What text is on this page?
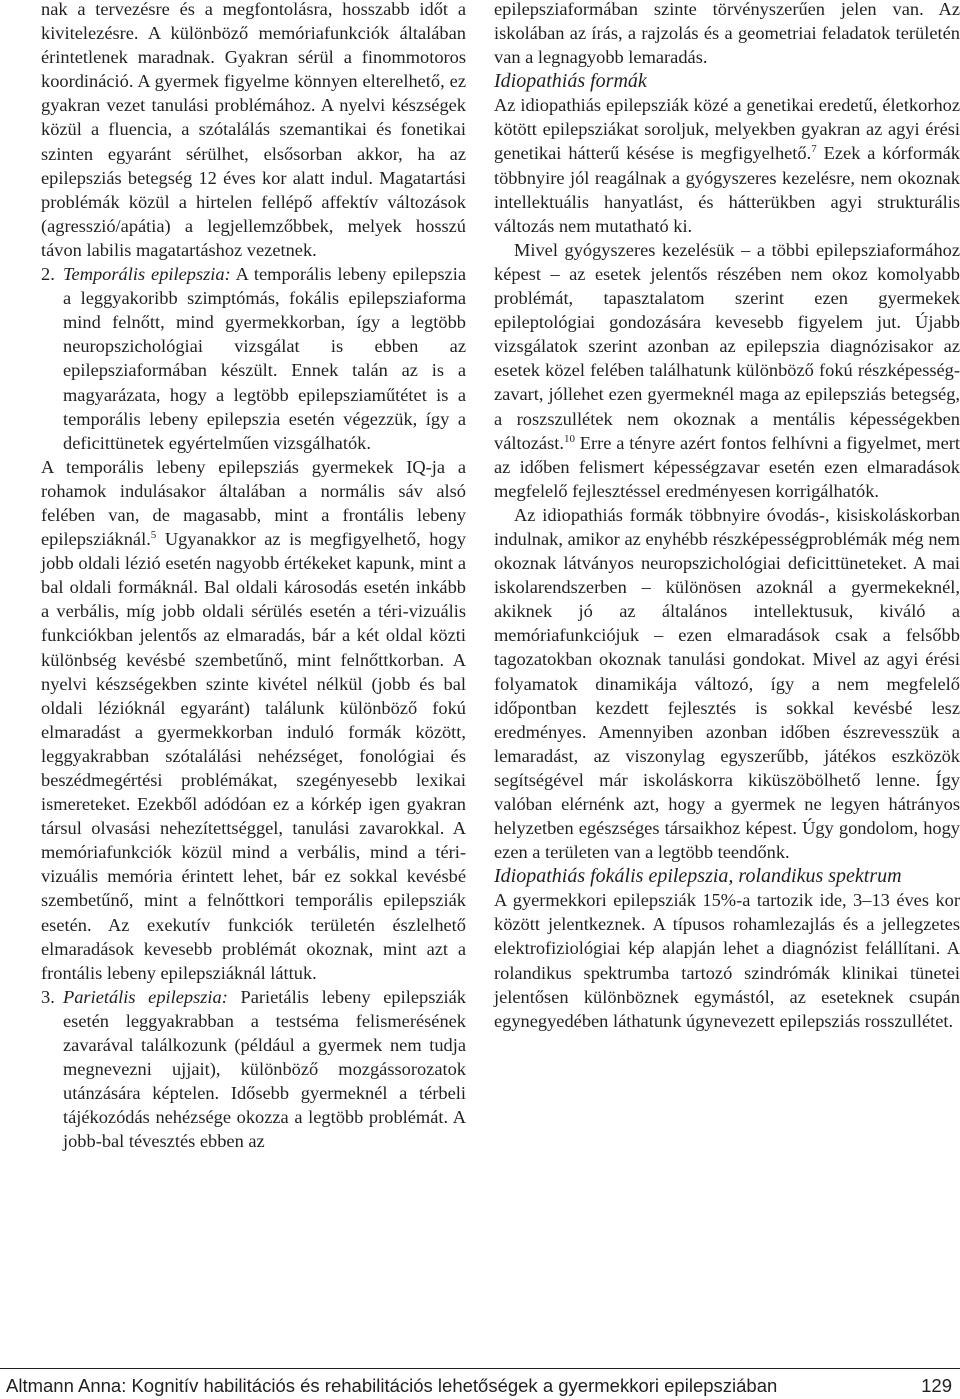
nak a tervezésre és a megfontolásra, hosszabb időt a kivitelezésre. A különböző memóriafunkciók általában érintetlenek maradnak. Gyakran sérül a finommotoros koordináció. A gyermek figyelme könnyen elterelhető, ez gyakran vezet tanulási problémához. A nyelvi készségek közül a fluencia, a szótalálás szemantikai és fonetikai szinten egyaránt sérülhet, elsősorban akkor, ha az epilepsziás betegség 12 éves kor alatt indul. Magatartási problémák közül a hirtelen fellépő affektív változások (agresszió/apátia) a legjellemzőbbek, melyek hosszú távon labilis magatartáshoz vezetnek.

2. Temporális epilepszia: A temporális lebeny epilepszia a leggyakoribb szimptómás, fokális epilepsziaforma mind felnőtt, mind gyermekkorban, így a legtöbb neuropszichológiai vizsgálat is ebben az epilepsziaformában készült. Ennek talán az is a magyarázata, hogy a legtöbb epilepsziaműtétet is a temporális lebeny epilepszia esetén végezzük, így a deficittünetek egyértelműen vizsgálhatók.

A temporális lebeny epilepsziás gyermekek IQ-ja a rohamok indulásakor általában a normális sáv alsó felében van, de magasabb, mint a frontális lebeny epilepsziáknál.$^5$ Ugyanakkor az is megfigyelhető, hogy jobb oldali lézió esetén nagyobb értékeket kapunk, mint a bal oldali formáknál. Bal oldali károsodás esetén inkább a verbális, míg jobb oldali sérülés esetén a téri-vizuális funkciókban jelentős az elmaradás, bár a két oldal közti különbség kevésbé szembetűnő, mint felnőttkorban. A nyelvi készségekben szinte kivétel nélkül (jobb és bal oldali lézióknál egyaránt) találunk különböző fokú elmaradást a gyermekkorban induló formák között, leggyakrabban szótalálási nehézséget, fonológiai és beszédmegértési problémákat, szegényesebb lexikai ismereteket. Ezekből adódóan ez a kórkép igen gyakran társul olvasási nehezítettséggel, tanulási zavarokkal. A memóriafunkciók közül mind a verbális, mind a téri-vizuális memória érintett lehet, bár ez sokkal kevésbé szembetűnő, mint a felnőttkori temporális epilepsziák esetén. Az exekutív funkciók területén észlelhető elmaradások kevesebb problémát okoznak, mint azt a frontális lebeny epilepsziáknál láttuk.

3. Parietális epilepszia: Parietális lebeny epilepsziák esetén leggyakrabban a testséma felismerésének zavarával találkozunk (például a gyermek nem tudja megnevezni ujjait), különböző mozgássorozatok utánzására képtelen. Idősebb gyermeknél a térbeli tájékozódás nehézsége okozza a legtöbb problémát. A jobb-bal tévesztés ebben az

epilepsziaformában szinte törvényszerűen jelen van. Az iskolában az írás, a rajzolás és a geometriai feladatok területén van a legnagyobb lemaradás.

Idiopathiás formák

Az idiopathiás epilepsziák közé a genetikai eredetű, életkorhoz kötött epilepsziákat soroljuk, melyekben gyakran az agyi érési genetikai hátterű késése is megfigyelhető.$^7$ Ezek a kórformák többnyire jól reagálnak a gyógyszeres kezelésre, nem okoznak intellektuális hanyatlást, és hátterükben agyi strukturális változás nem mutatható ki.

Mivel gyógyszeres kezelésük – a többi epilepsziaformához képest – az esetek jelentős részében nem okoz komolyabb problémát, tapasztalatom szerint ezen gyermekek epileptológiai gondozására kevesebb figyelem jut. Újabb vizsgálatok szerint azonban az epilepszia diagnózisakor az esetek közel felében találhatunk különböző fokú részképesség-zavart, jóllehet ezen gyermeknél maga az epilepsziás betegség, a roszszullétek nem okoznak a mentális képességekben változást.$^{10}$ Erre a tényre azért fontos felhívni a figyelmet, mert az időben felismert képességzavar esetén ezen elmaradások megfelelő fejlesztéssel eredményesen korrigálhatók.

Az idiopathiás formák többnyire óvodás-, kisiskoláskorban indulnak, amikor az enyhébb részképességproblémák még nem okoznak látványos neuropszichológiai deficittüneteket. A mai iskolarendszerben – különösen azoknál a gyermekeknél, akiknek jó az általános intellektusuk, kiváló a memóriafunkciójuk – ezen elmaradások csak a felsőbb tagozatokban okoznak tanulási gondokat. Mivel az agyi érési folyamatok dinamikája változó, így a nem megfelelő időpontban kezdett fejlesztés is sokkal kevésbé lesz eredményes. Amennyiben azonban időben észrevesszük a lemaradást, az viszonylag egyszerűbb, játékos eszközök segítségével már iskoláskorra kiküszöbölhető lenne. Így valóban elérnénk azt, hogy a gyermek ne legyen hátrányos helyzetben egészséges társaikhoz képest. Úgy gondolom, hogy ezen a területen van a legtöbb teendőnk.

Idiopathiás fokális epilepszia, rolandikus spektrum

A gyermekkori epilepsziák 15%-a tartozik ide, 3–13 éves kor között jelentkeznek. A típusos rohamlezajlás és a jellegzetes elektrofiziológiai kép alapján lehet a diagnózist felállítani. A rolandikus spektrumba tartozó szindrómák klinikai tünetei jelentősen különböznek egymástól, az eseteknek csupán egynegyedében láthatunk úgynevezett epilepsziás rosszullétet.

Altmann Anna: Kognitív habilitációs és rehabilitációs lehetőségek a gyermekkori epilepsziában	129
